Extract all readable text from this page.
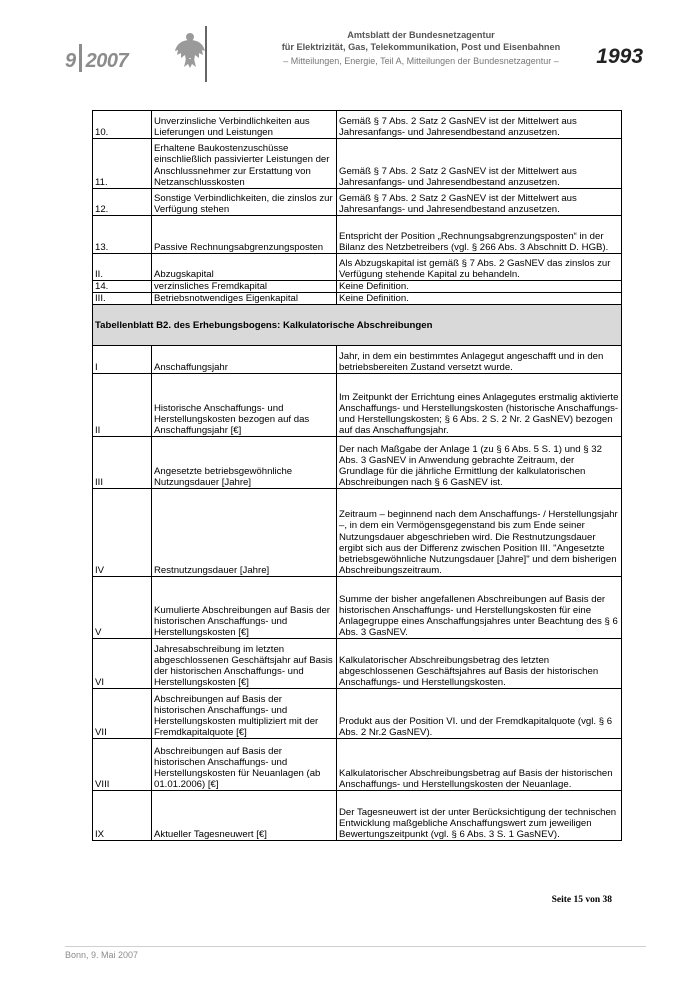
9 2007
Amtsblatt der Bundesnetzagentur
für Elektrizität, Gas, Telekommunikation, Post und Eisenbahnen
– Mitteilungen, Energie, Teil A, Mitteilungen der Bundesnetzagentur –	1993
10.	Unverzinsliche Verbindlichkeiten aus Lieferungen und Leistungen	Gemäß § 7 Abs. 2 Satz 2 GasNEV ist der Mittelwert aus Jahresanfangs- und Jahresendbestand anzusetzen.
11.	Erhaltene Baukostenzuschüsse einschließlich passivierter Leistungen der Anschlussnehmer zur Erstattung von Netzanschlusskosten	Gemäß § 7 Abs. 2 Satz 2 GasNEV ist der Mittelwert aus Jahresanfangs- und Jahresendbestand anzusetzen.
12.	Sonstige Verbindlichkeiten, die zinslos zur Verfügung stehen	Gemäß § 7 Abs. 2 Satz 2 GasNEV ist der Mittelwert aus Jahresanfangs- und Jahresendbestand anzusetzen.
13.	Passive Rechnungsabgrenzungsposten	Entspricht der Position „Rechnungsabgrenzungsposten“ in der Bilanz des Netzbetreibers (vgl. § 266 Abs. 3 Abschnitt D. HGB).
II.	Abzugskapital	Als Abzugskapital ist gemäß § 7 Abs. 2 GasNEV das zinslos zur Verfügung stehende Kapital zu behandeln.
14.	verzinsliches Fremdkapital	Keine Definition.
III.	Betriebsnotwendiges Eigenkapital	Keine Definition.
Tabellenblatt B2. des Erhebungsbogens: Kalkulatorische Abschreibungen		
I	Anschaffungsjahr	Jahr, in dem ein bestimmtes Anlagegut angeschafft und in den betriebsbereiten Zustand versetzt wurde.
II	Historische Anschaffungs- und Herstellungskosten bezogen auf das Anschaffungsjahr [€]	Im Zeitpunkt der Errichtung eines Anlagegutes erstmalig aktivierte Anschaffungs- und Herstellungskosten (historische Anschaffungs- und Herstellungskosten; § 6 Abs. 2 S. 2 Nr. 2 GasNEV) bezogen auf das Anschaffungsjahr.
III	Angesetzte betriebsgewöhnliche Nutzungsdauer [Jahre]	Der nach Maßgabe der Anlage 1 (zu § 6 Abs. 5 S. 1) und § 32 Abs. 3 GasNEV in Anwendung gebrachte Zeitraum, der Grundlage für die jährliche Ermittlung der kalkulatorischen Abschreibungen nach § 6 GasNEV ist.
IV	Restnutzungsdauer [Jahre]	Zeitraum – beginnend nach dem Anschaffungs- / Herstellungsjahr –, in dem ein Vermögensgegenstand bis zum Ende seiner Nutzungsdauer abgeschrieben wird. Die Restnutzungsdauer ergibt sich aus der Differenz zwischen Position III. "Angesetzte betriebsgewöhnliche Nutzungsdauer [Jahre]" und dem bisherigen Abschreibungszeitraum.
V	Kumulierte Abschreibungen auf Basis der historischen Anschaffungs- und Herstellungskosten [€]	Summe der bisher angefallenen Abschreibungen auf Basis der historischen Anschaffungs- und Herstellungskosten für eine Anlagegruppe eines Anschaffungsjahres unter Beachtung des § 6 Abs. 3 GasNEV.
VI	Jahresabschreibung im letzten abgeschlossenen Geschäftsjahr auf Basis der historischen Anschaffungs- und Herstellungskosten [€]	Kalkulatorischer Abschreibungsbetrag des letzten abgeschlossenen Geschäftsjahres auf Basis der historischen Anschaffungs- und Herstellungskosten.
VII	Abschreibungen auf Basis der historischen Anschaffungs- und Herstellungskosten multipliziert mit der Fremdkapitalquote [€]	Produkt aus der Position VI. und der Fremdkapitalquote (vgl. § 6 Abs. 2 Nr.2 GasNEV).
VIII	Abschreibungen auf Basis der historischen Anschaffungs- und Herstellungskosten für Neuanlagen (ab 01.01.2006) [€]	Kalkulatorischer Abschreibungsbetrag auf Basis der historischen Anschaffungs- und Herstellungskosten der Neuanlage.
IX	Aktueller Tagesneuwert [€]	Der Tagesneuwert ist der unter Berücksichtigung der technischen Entwicklung maßgebliche Anschaffungswert zum jeweiligen Bewertungszeitpunkt (vgl. § 6 Abs. 3 S. 1 GasNEV).
Seite 15 von 38
Bonn, 9. Mai 2007
